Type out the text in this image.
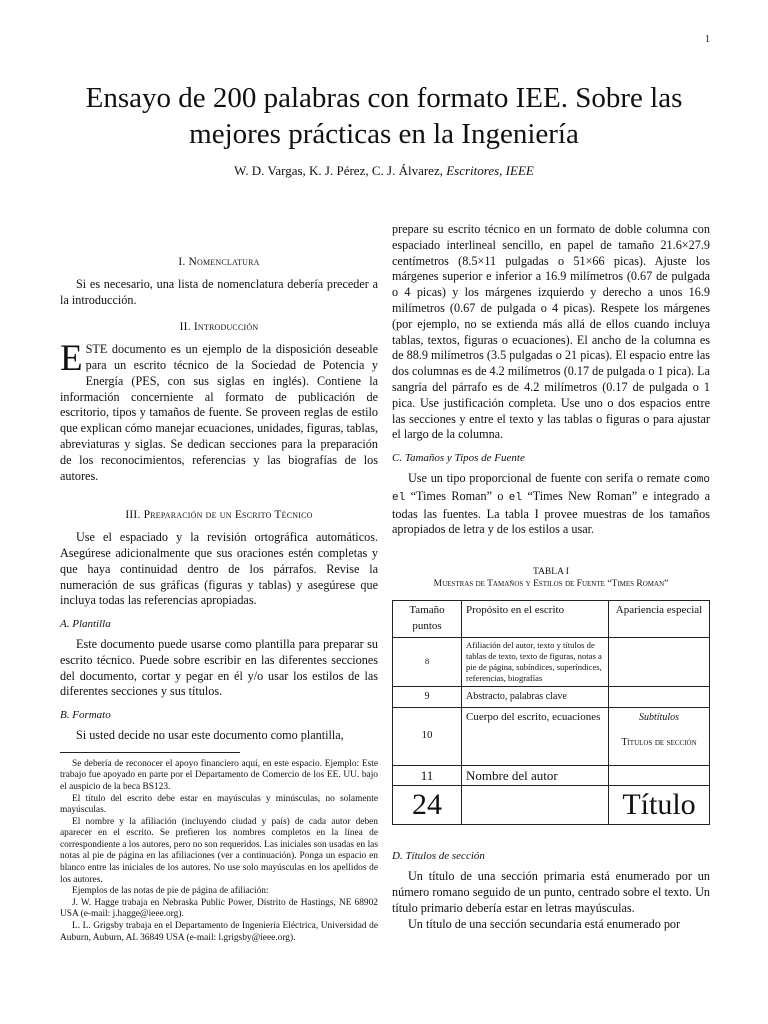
1
Ensayo de 200 palabras con formato IEE. Sobre las mejores prácticas en la Ingeniería
W. D. Vargas, K. J. Pérez, C. J. Álvarez, Escritores, IEEE
I. Nomenclatura

Si es necesario, una lista de nomenclatura debería preceder a la introducción.

II. Introducción

ESTE documento es un ejemplo de la disposición deseable para un escrito técnico de la Sociedad de Potencia y Energía (PES, con sus siglas en inglés). Contiene la información concerniente al formato de publicación de escritorio, tipos y tamaños de fuente. Se proveen reglas de estilo que explican cómo manejar ecuaciones, unidades, figuras, tablas, abreviaturas y siglas. Se dedican secciones para la preparación de los reconocimientos, referencias y las biografías de los autores.

III. Preparación de un Escrito Técnico

Use el espaciado y la revisión ortográfica automáticos. Asegúrese adicionalmente que sus oraciones estén completas y que haya continuidad dentro de los párrafos. Revise la numeración de sus gráficas (figuras y tablas) y asegúrese que incluya todas las referencias apropiadas.

A. Plantilla

Este documento puede usarse como plantilla para preparar su escrito técnico. Puede sobre escribir en las diferentes secciones del documento, cortar y pegar en él y/o usar los estilos de las diferentes secciones y sus títulos.

B. Formato

Si usted decide no usar este documento como plantilla,

Se debería de reconocer el apoyo financiero aquí, en este espacio. Ejemplo: Este trabajo fue apoyado en parte por el Departamento de Comercio de los EE. UU. bajo el auspicio de la beca BS123.

El título del escrito debe estar en mayúsculas y minúsculas, no solamente mayúsculas.

El nombre y la afiliación (incluyendo ciudad y país) de cada autor deben aparecer en el escrito. Se prefieren los nombres completos en la línea de correspondiente a los autores, pero no son requeridos. Las iniciales son usadas en las notas al pie de página en las afiliaciones (ver a continuación). Ponga un espacio en blanco entre las iniciales de los autores. No use solo mayúsculas en los apellidos de los autores.

Ejemplos de las notas de pie de página de afiliación:

J. W. Hagge trabaja en Nebraska Public Power, Distrito de Hastings, NE 68902 USA (e-mail: j.hagge@ieee.org).

L. L. Grigsby trabaja en el Departamento de Ingeniería Eléctrica, Universidad de Auburn, Auburn, AL 36849 USA (e-mail: l.grigsby@ieee.org).

prepare su escrito técnico en un formato de doble columna con espaciado interlineal sencillo, en papel de tamaño 21.6×27.9 centímetros (8.5×11 pulgadas o 51×66 picas). Ajuste los márgenes superior e inferior a 16.9 milímetros (0.67 de pulgada o 4 picas) y los márgenes izquierdo y derecho a unos 16.9 milímetros (0.67 de pulgada o 4 picas). Respete los márgenes (por ejemplo, no se extienda más allá de ellos cuando incluya tablas, textos, figuras o ecuaciones). El ancho de la columna es de 88.9 milímetros (3.5 pulgadas o 21 picas). El espacio entre las dos columnas es de 4.2 milímetros (0.17 de pulgada o 1 pica). La sangría del párrafo es de 4.2 milímetros (0.17 de pulgada o 1 pica. Use justificación completa. Use uno o dos espacios entre las secciones y entre el texto y las tablas o figuras o para ajustar el largo de la columna.

C. Tamaños y Tipos de Fuente

Use un tipo proporcional de fuente con serifa o remate como el “Times Roman” o el “Times New Roman” e integrado a todas las fuentes. La tabla I provee muestras de los tamaños apropiados de letra y de los estilos a usar.

TABLA I
Muestras de Tamaños y Estilos de Fuente “Times Roman”
Tamaño puntos	Propósito en el escrito	Apariencia especial
8	Afiliación del autor, texto y títulos de tablas de texto, texto de figuras, notas a pie de página, subíndices, superíndices, referencias, biografías	
9	Abstracto, palabras clave	
10	Cuerpo del escrito, ecuaciones	Subtítulos
Títulos de sección

11	Nombre del autor	
24		Título
D. Títulos de sección

Un título de una sección primaria está enumerado por un número romano seguido de un punto, centrado sobre el texto. Un título primario debería estar en letras mayúsculas.

Un título de una sección secundaria está enumerado por
